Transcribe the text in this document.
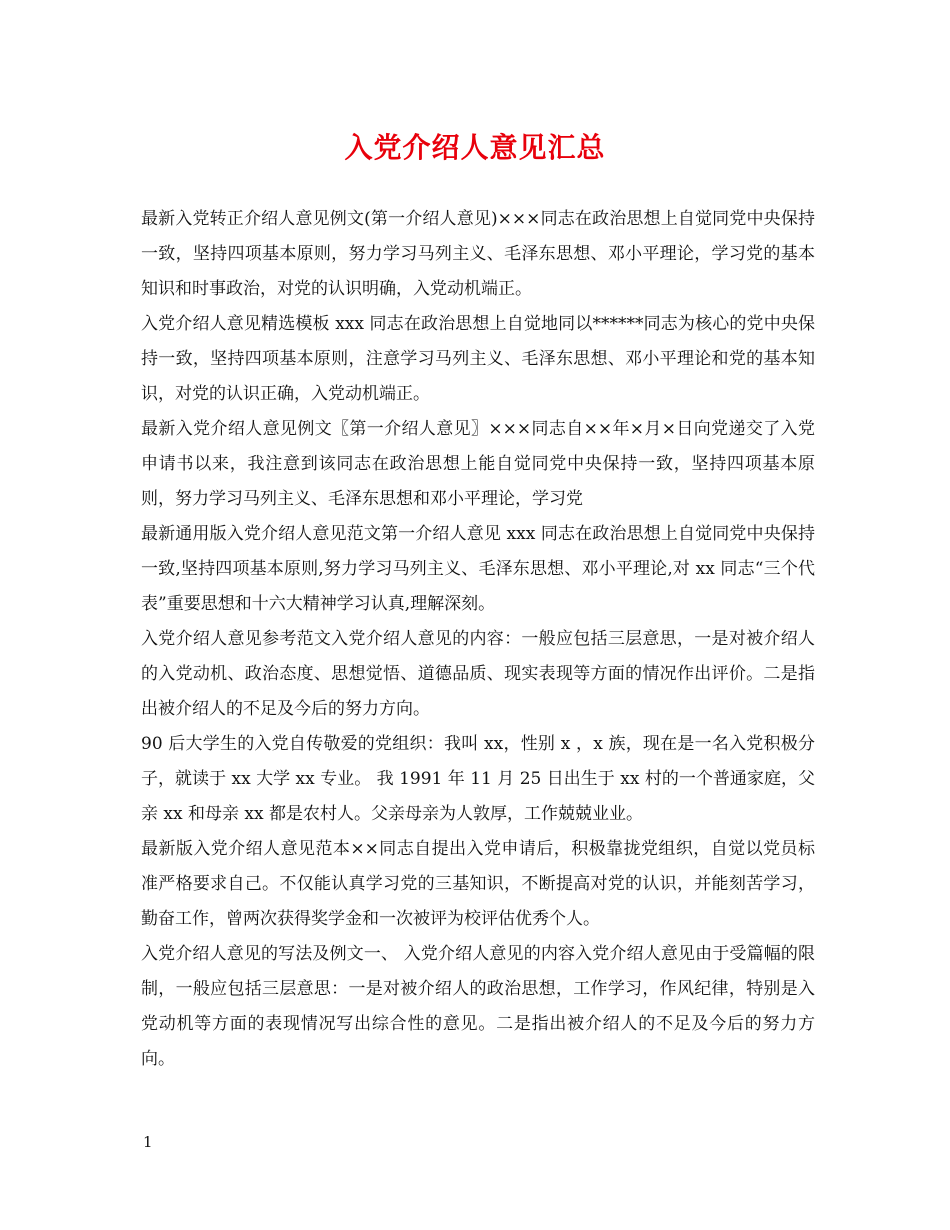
入党介绍人意见汇总

最新入党转正介绍人意见例文(第一介绍人意见)×××同志在政治思想上自觉同党中央保持一致，坚持四项基本原则，努力学习马列主义、毛泽东思想、邓小平理论，学习党的基本知识和时事政治，对党的认识明确，入党动机端正。

入党介绍人意见精选模板 xxx 同志在政治思想上自觉地同以******同志为核心的党中央保持一致，坚持四项基本原则，注意学习马列主义、毛泽东思想、邓小平理论和党的基本知识，对党的认识正确，入党动机端正。

最新入党介绍人意见例文〖第一介绍人意见〗×××同志自××年×月×日向党递交了入党申请书以来，我注意到该同志在政治思想上能自觉同党中央保持一致，坚持四项基本原则，努力学习马列主义、毛泽东思想和邓小平理论，学习党

最新通用版入党介绍人意见范文第一介绍人意见 xxx 同志在政治思想上自觉同党中央保持一致,坚持四项基本原则,努力学习马列主义、毛泽东思想、邓小平理论,对 xx 同志“三个代表”重要思想和十六大精神学习认真,理解深刻。

入党介绍人意见参考范文入党介绍人意见的内容：一般应包括三层意思，一是对被介绍人的入党动机、政治态度、思想觉悟、道德品质、现实表现等方面的情况作出评价。二是指出被介绍人的不足及今后的努力方向。

90 后大学生的入党自传敬爱的党组织：我叫 xx，性别 x ，x 族，现在是一名入党积极分子，就读于 xx 大学 xx 专业。 我 1991 年 11 月 25 日出生于 xx 村的一个普通家庭，父亲 xx 和母亲 xx 都是农村人。父亲母亲为人敦厚，工作兢兢业业。

最新版入党介绍人意见范本××同志自提出入党申请后，积极靠拢党组织，自觉以党员标准严格要求自己。不仅能认真学习党的三基知识，不断提高对党的认识，并能刻苦学习，勤奋工作，曾两次获得奖学金和一次被评为校评估优秀个人。

入党介绍人意见的写法及例文一、 入党介绍人意见的内容入党介绍人意见由于受篇幅的限制，一般应包括三层意思：一是对被介绍人的政治思想，工作学习，作风纪律，特别是入党动机等方面的表现情况写出综合性的意见。二是指出被介绍人的不足及今后的努力方向。

1
